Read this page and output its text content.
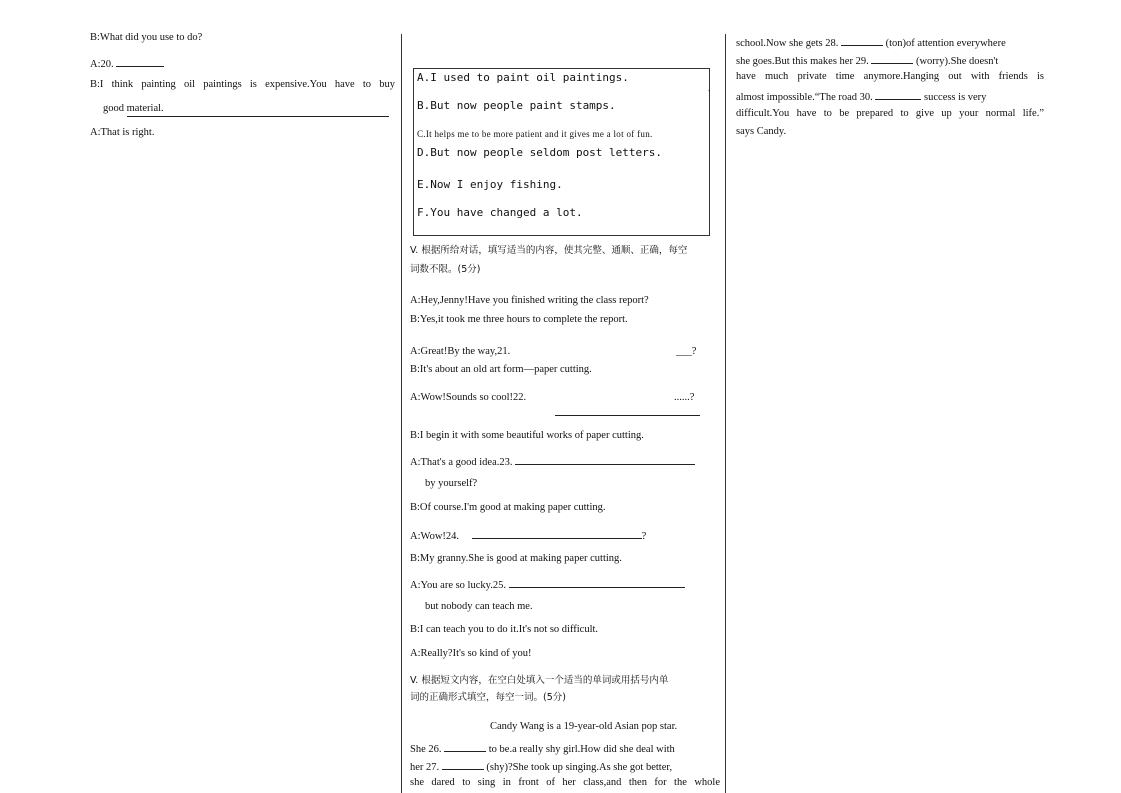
B:What did you use to do?
A:20.
B:I think painting oil paintings is expensive.You have to buy
good material.
A:That is right.
A.I used to paint oil paintings.
B.But now people paint stamps.
C.It helps me to be more patient and it gives me a lot of fun.
D.But now people seldom post letters.
E.Now I enjoy fishing.
F.You have changed a lot.
.
V. 根据所给对话，填写适当的内容，使其完整、通顺、正确，每空
词数不限。(5分)
A:Hey,Jenny!Have you finished writing the class report?
B:Yes,it took me three hours to complete the report.
A:Great!By the way,21.	___?
B:It's about an old art form—paper cutting.
A:Wow!Sounds so cool!22.	......?
B:I begin it with some beautiful works of paper cutting.
A:That's a good idea.23.
by yourself?
B:Of course.I'm good at making paper cutting.
A:Wow!24.	?
B:My granny.She is good at making paper cutting.
A:You are so lucky.25.
but nobody can teach me.
B:I can teach you to do it.It's not so difficult.
A:Really?It's so kind of you!
V. 根据短文内容，在空白处填入一个适当的单词或用括号内单
词的正确形式填空，每空一词。(5分)
Candy Wang is a 19-year-old Asian pop star.
She 26.	to be.a really shy girl.How did she deal with
her 27.	(shy)?She took up singing.As she got better,
she dared to sing in front of her class,and then for the whole
school.Now she gets 28.	(ton)of attention everywhere
she goes.But this makes her 29.	(worry).She doesn't
have much private time anymore.Hanging out with friends is
almost impossible.“The road 30.	success is very
difficult.You have to be prepared to give up your normal life.”
says Candy.
